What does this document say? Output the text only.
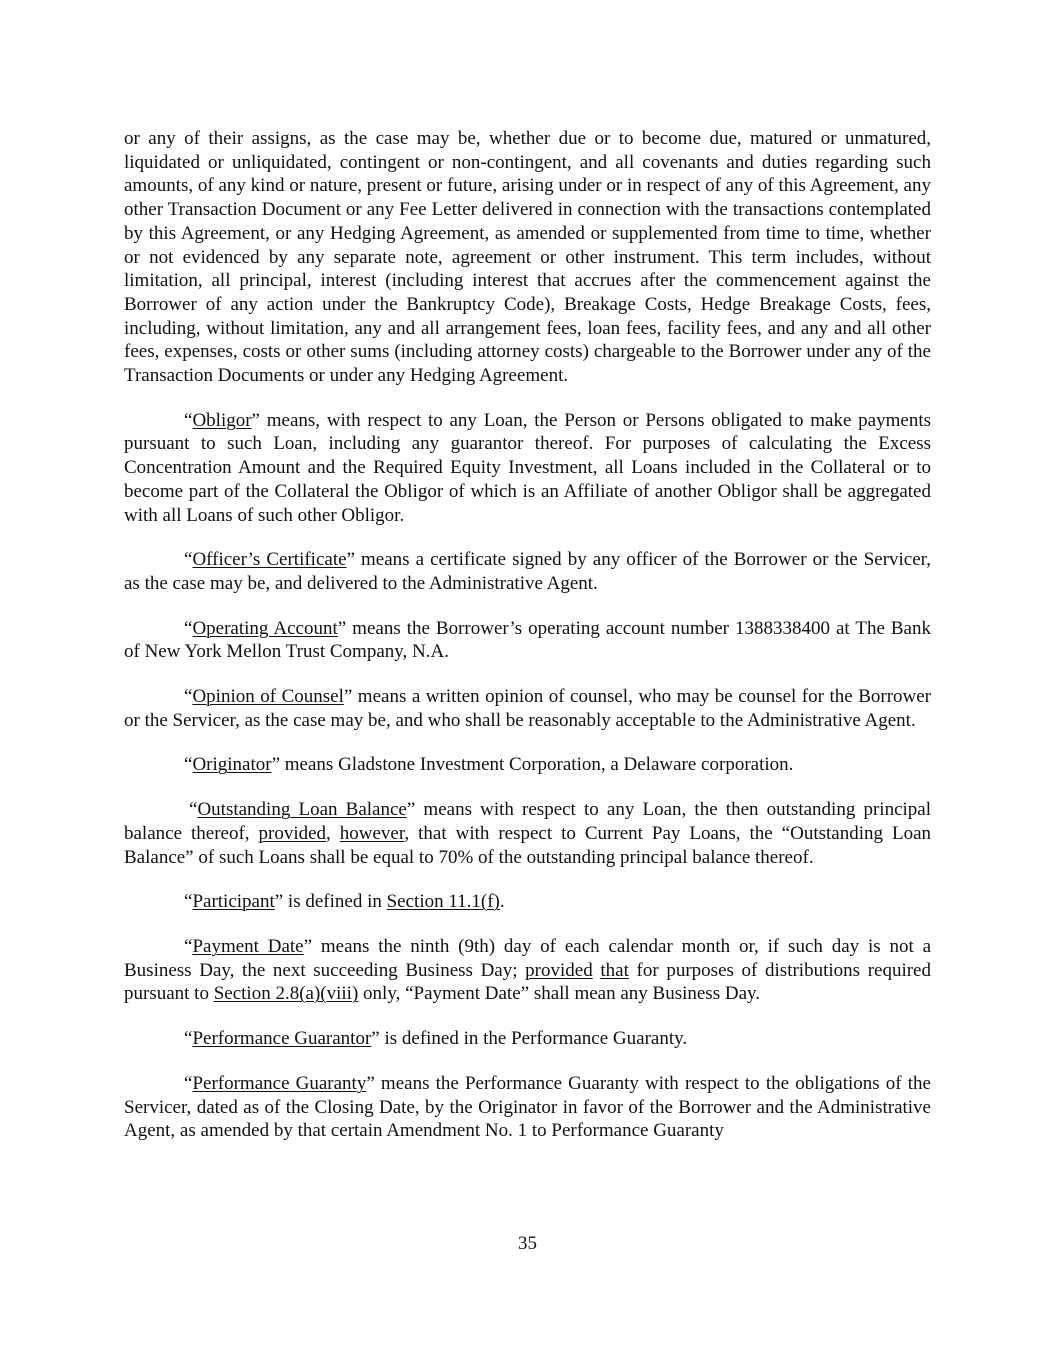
or any of their assigns, as the case may be, whether due or to become due, matured or unmatured, liquidated or unliquidated, contingent or non-contingent, and all covenants and duties regarding such amounts, of any kind or nature, present or future, arising under or in respect of any of this Agreement, any other Transaction Document or any Fee Letter delivered in connection with the transactions contemplated by this Agreement, or any Hedging Agreement, as amended or supplemented from time to time, whether or not evidenced by any separate note, agreement or other instrument. This term includes, without limitation, all principal, interest (including interest that accrues after the commencement against the Borrower of any action under the Bankruptcy Code), Breakage Costs, Hedge Breakage Costs, fees, including, without limitation, any and all arrangement fees, loan fees, facility fees, and any and all other fees, expenses, costs or other sums (including attorney costs) chargeable to the Borrower under any of the Transaction Documents or under any Hedging Agreement.

“Obligor” means, with respect to any Loan, the Person or Persons obligated to make payments pursuant to such Loan, including any guarantor thereof. For purposes of calculating the Excess Concentration Amount and the Required Equity Investment, all Loans included in the Collateral or to become part of the Collateral the Obligor of which is an Affiliate of another Obligor shall be aggregated with all Loans of such other Obligor.

“Officer’s Certificate” means a certificate signed by any officer of the Borrower or the Servicer, as the case may be, and delivered to the Administrative Agent.

“Operating Account” means the Borrower’s operating account number 1388338400 at The Bank of New York Mellon Trust Company, N.A.

“Opinion of Counsel” means a written opinion of counsel, who may be counsel for the Borrower or the Servicer, as the case may be, and who shall be reasonably acceptable to the Administrative Agent.

“Originator” means Gladstone Investment Corporation, a Delaware corporation.

“Outstanding Loan Balance” means with respect to any Loan, the then outstanding principal balance thereof, provided, however, that with respect to Current Pay Loans, the “Outstanding Loan Balance” of such Loans shall be equal to 70% of the outstanding principal balance thereof.

“Participant” is defined in Section 11.1(f).

“Payment Date” means the ninth (9th) day of each calendar month or, if such day is not a Business Day, the next succeeding Business Day; provided that for purposes of distributions required pursuant to Section 2.8(a)(viii) only, “Payment Date” shall mean any Business Day.

“Performance Guarantor” is defined in the Performance Guaranty.

“Performance Guaranty” means the Performance Guaranty with respect to the obligations of the Servicer, dated as of the Closing Date, by the Originator in favor of the Borrower and the Administrative Agent, as amended by that certain Amendment No. 1 to Performance Guaranty

35
